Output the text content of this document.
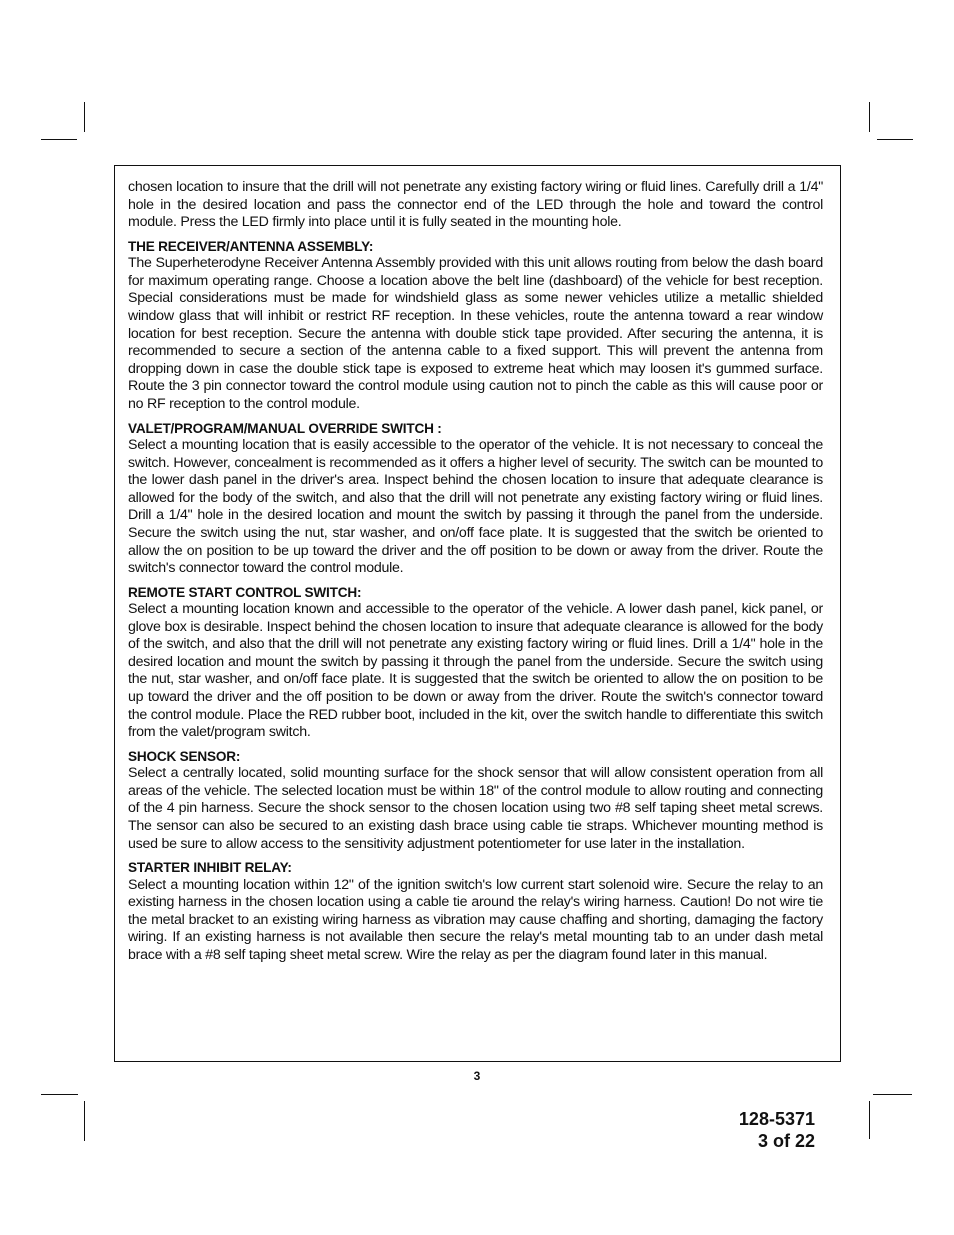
chosen location to insure that the drill will not penetrate any existing factory wiring or fluid lines. Carefully drill a 1/4" hole in the desired location and pass the connector end of the LED through the hole and toward the control module. Press the LED firmly into place until it is fully seated in the mounting hole.

THE RECEIVER/ANTENNA ASSEMBLY:

The Superheterodyne Receiver Antenna Assembly provided with this unit allows routing from below the dash board for maximum operating range. Choose a location above the belt line (dashboard) of the vehicle for best reception. Special considerations must be made for windshield glass as some newer vehicles utilize a metallic shielded window glass that will inhibit or restrict RF reception. In these vehicles, route the antenna toward a rear window location for best reception. Secure the antenna with double stick tape provided. After securing the antenna, it is recommended to secure a section of the antenna cable to a fixed support. This will prevent the antenna from dropping down in case the double stick tape is exposed to extreme heat which may loosen it's gummed surface. Route the 3 pin connector toward the control module using caution not to pinch the cable as this will cause poor or no RF reception to the control module.

VALET/PROGRAM/MANUAL OVERRIDE SWITCH :

Select a mounting location that is easily accessible to the operator of the vehicle. It is not necessary to conceal the switch. However, concealment is recommended as it offers a higher level of security. The switch can be mounted to the lower dash panel in the driver's area. Inspect behind the chosen location to insure that adequate clearance is allowed for the body of the switch, and also that the drill will not penetrate any existing factory wiring or fluid lines. Drill a 1/4" hole in the desired location and mount the switch by passing it through the panel from the underside. Secure the switch using the nut, star washer, and on/off face plate. It is suggested that the switch be oriented to allow the on position to be up toward the driver and the off position to be down or away from the driver. Route the switch's connector toward the control module.

REMOTE START CONTROL SWITCH:

Select a mounting location known and accessible to the operator of the vehicle. A lower dash panel, kick panel, or glove box is desirable. Inspect behind the chosen location to insure that adequate clearance is allowed for the body of the switch, and also that the drill will not penetrate any existing factory wiring or fluid lines. Drill a 1/4" hole in the desired location and mount the switch by passing it through the panel from the underside. Secure the switch using the nut, star washer, and on/off face plate. It is suggested that the switch be oriented to allow the on position to be up toward the driver and the off position to be down or away from the driver. Route the switch's connector toward the control module. Place the RED rubber boot, included in the kit, over the switch handle to differentiate this switch from the valet/program switch.

SHOCK SENSOR:

Select a centrally located, solid mounting surface for the shock sensor that will allow consistent operation from all areas of the vehicle. The selected location must be within 18" of the control module to allow routing and connecting of the 4 pin harness. Secure the shock sensor to the chosen location using two #8 self taping sheet metal screws. The sensor can also be secured to an existing dash brace using cable tie straps. Whichever mounting method is used be sure to allow access to the sensitivity adjustment potentiometer for use later in the installation.

STARTER INHIBIT RELAY:

Select a mounting location within 12" of the ignition switch's low current start solenoid wire. Secure the relay to an existing harness in the chosen location using a cable tie around the relay's wiring harness. Caution! Do not wire tie the metal bracket to an existing wiring harness as vibration may cause chaffing and shorting, damaging the factory wiring. If an existing harness is not available then secure the relay's metal mounting tab to an under dash metal brace with a #8 self taping sheet metal screw. Wire the relay as per the diagram found later in this manual.

3
128-5371
3 of 22
